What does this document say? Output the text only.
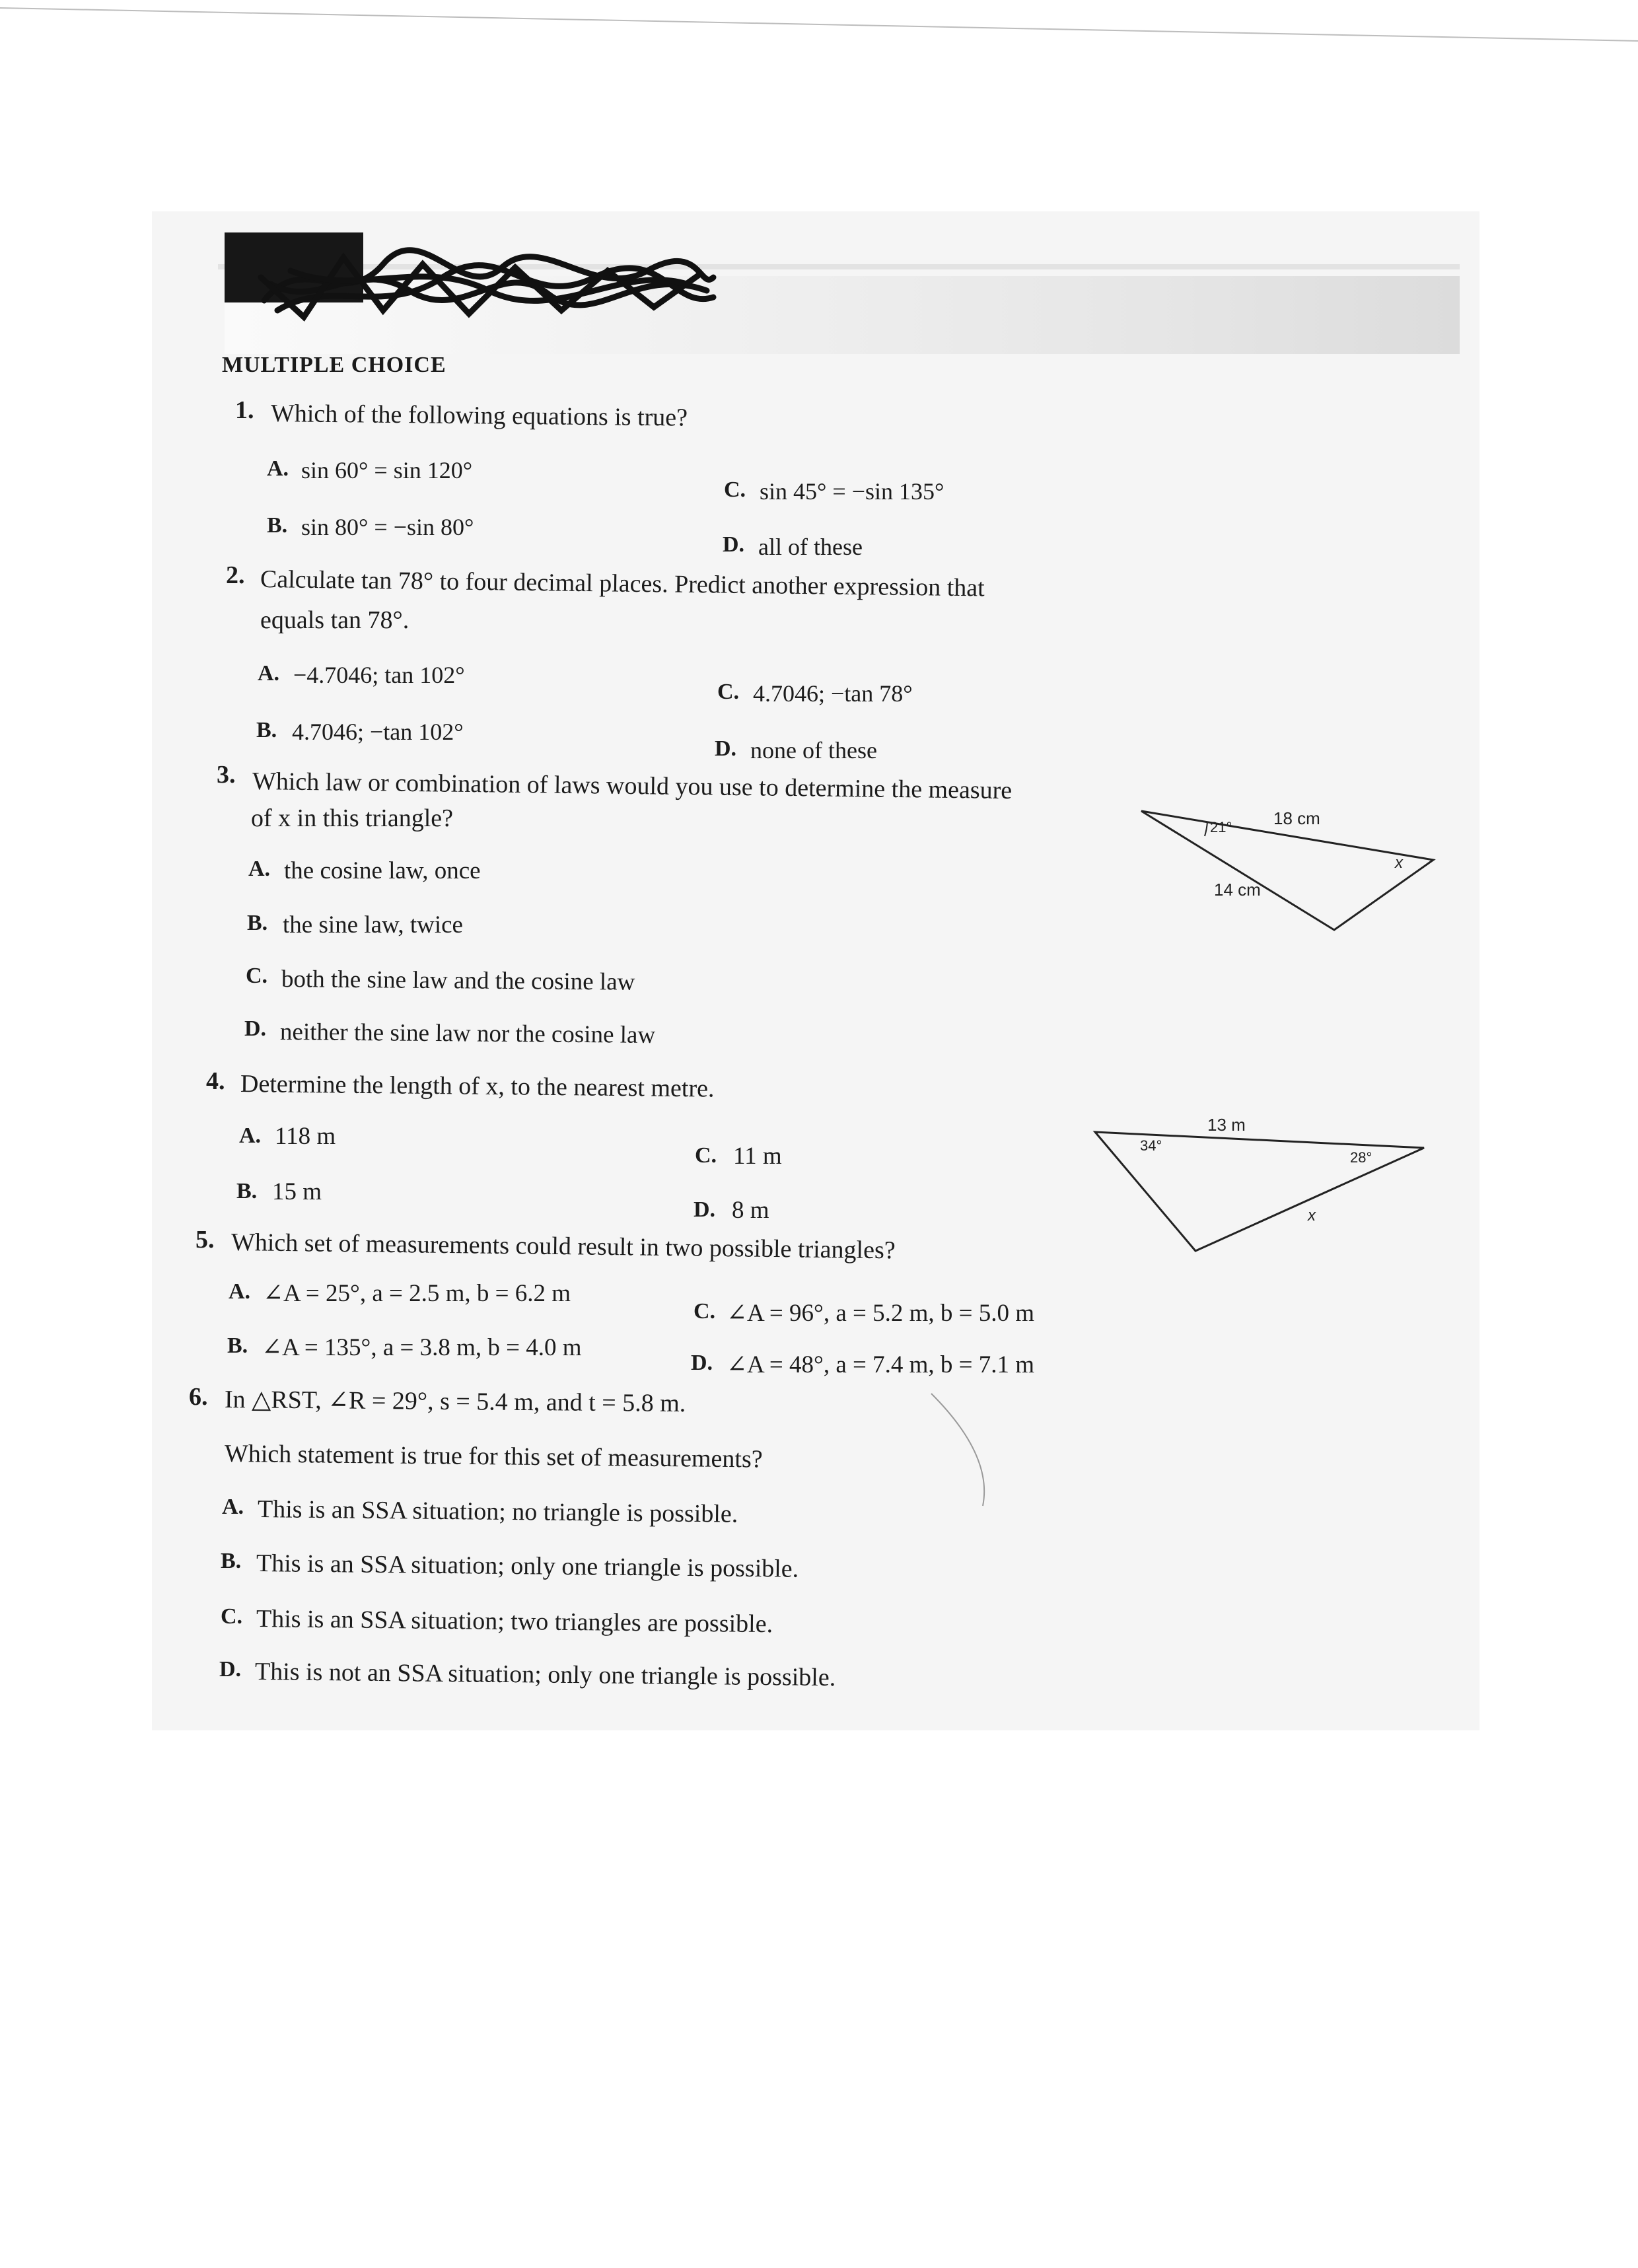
MULTIPLE CHOICE
1. Which of the following equations is true?
A. sin 60° = sin 120°
C. sin 45° = −sin 135°
B. sin 80° = −sin 80°
D. all of these
2. Calculate tan 78° to four decimal places. Predict another expression that
equals tan 78°.
A. −4.7046; tan 102°
C. 4.7046; −tan 78°
B. 4.7046; −tan 102°
D. none of these
3. Which law or combination of laws would you use to determine the measure
of x in this triangle?
A. the cosine law, once
B. the sine law, twice
C. both the sine law and the cosine law
D. neither the sine law nor the cosine law
18 cm
21°
x
14 cm
4. Determine the length of x, to the nearest metre.
A. 118 m
C. 11 m
B. 15 m
D. 8 m
13 m
34°
28°
x
5. Which set of measurements could result in two possible triangles?
A. ∠A = 25°, a = 2.5 m, b = 6.2 m
C. ∠A = 96°, a = 5.2 m, b = 5.0 m
B. ∠A = 135°, a = 3.8 m, b = 4.0 m
D. ∠A = 48°, a = 7.4 m, b = 7.1 m
6. In △RST, ∠R = 29°, s = 5.4 m, and t = 5.8 m.
Which statement is true for this set of measurements?
A. This is an SSA situation; no triangle is possible.
B. This is an SSA situation; only one triangle is possible.
C. This is an SSA situation; two triangles are possible.
D. This is not an SSA situation; only one triangle is possible.
